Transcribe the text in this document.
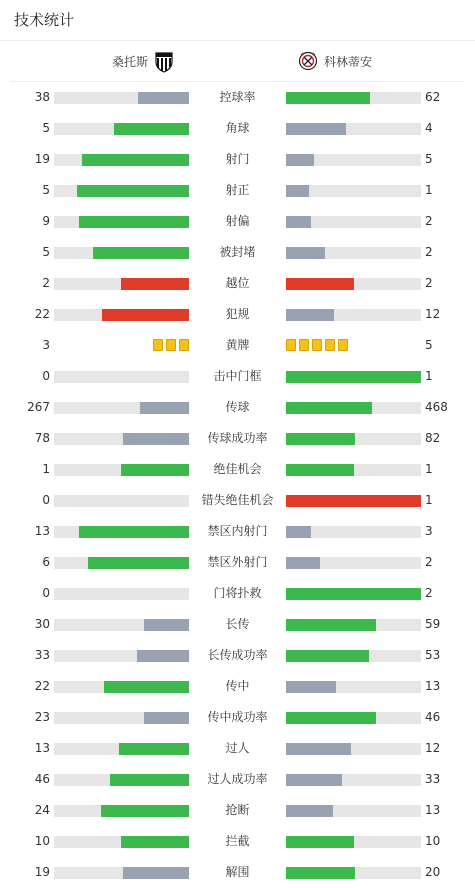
技术统计
桑托斯	科林蒂安
38	控球率	62
5	角球	4
19	射门	5
5	射正	1
9	射偏	2
5	被封堵	2
2	越位	2
22	犯规	12
3	黄牌	5
0	击中门框	1
267	传球	468
78	传球成功率	82
1	绝佳机会	1
0	错失绝佳机会	1
13	禁区内射门	3
6	禁区外射门	2
0	门将扑救	2
30	长传	59
33	长传成功率	53
22	传中	13
23	传中成功率	46
13	过人	12
46	过人成功率	33
24	抢断	13
10	拦截	10
19	解围	20
